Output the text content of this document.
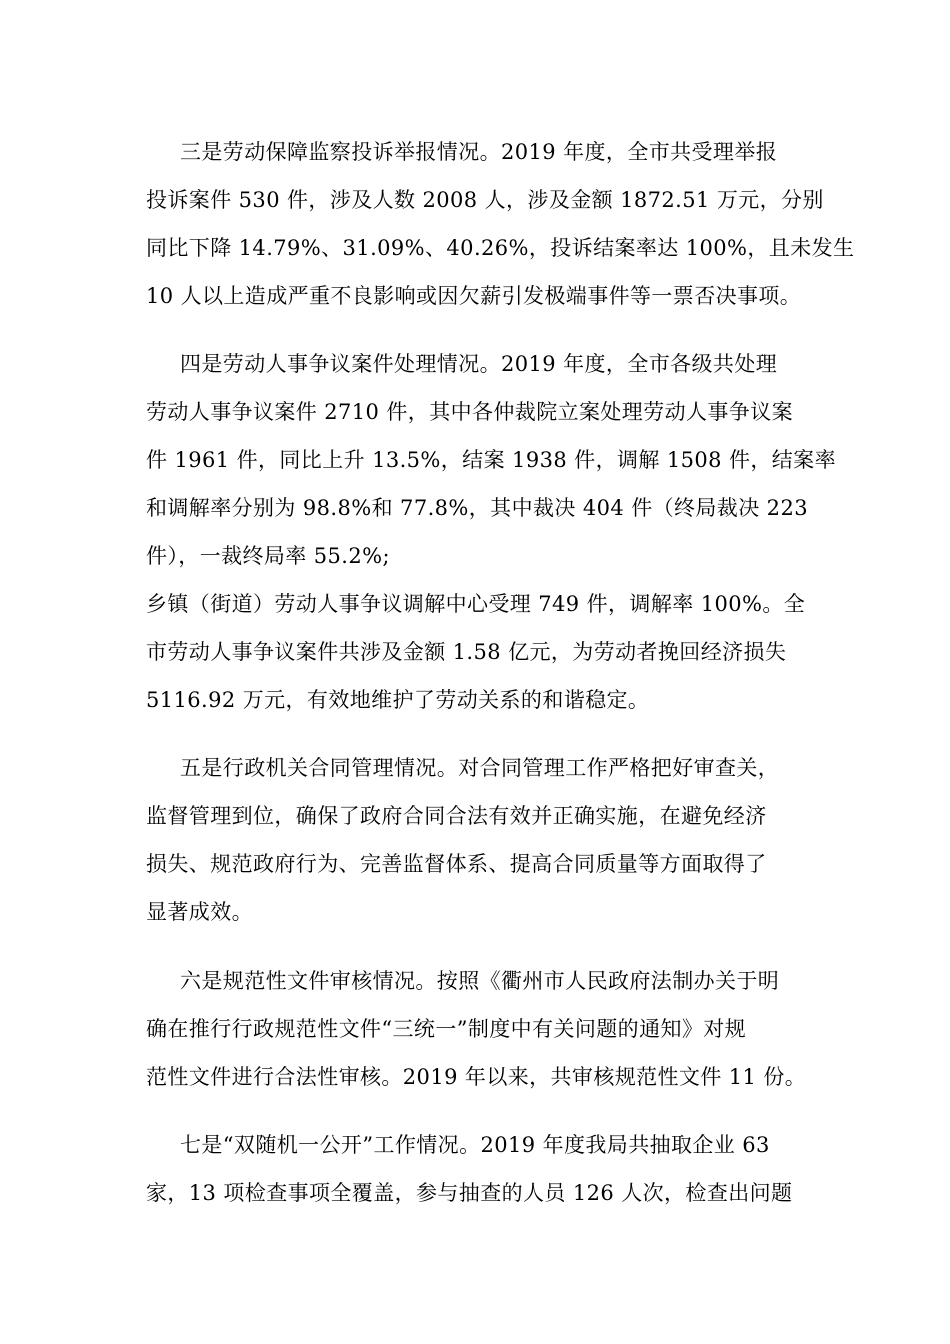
三是劳动保障监察投诉举报情况。2019 年度，全市共受理举报
投诉案件 530 件，涉及人数 2008 人，涉及金额 1872.51 万元，分别
同比下降 14.79%、31.09%、40.26%，投诉结案率达 100%，且未发生
10 人以上造成严重不良影响或因欠薪引发极端事件等一票否决事项。
四是劳动人事争议案件处理情况。2019 年度，全市各级共处理
劳动人事争议案件 2710 件，其中各仲裁院立案处理劳动人事争议案
件 1961 件，同比上升 13.5%，结案 1938 件，调解 1508 件，结案率
和调解率分别为 98.8%和 77.8%，其中裁决 404 件（终局裁决 223
件），一裁终局率 55.2%;
乡镇（街道）劳动人事争议调解中心受理 749 件，调解率 100%。全
市劳动人事争议案件共涉及金额 1.58 亿元，为劳动者挽回经济损失
5116.92 万元，有效地维护了劳动关系的和谐稳定。
五是行政机关合同管理情况。对合同管理工作严格把好审查关，
监督管理到位，确保了政府合同合法有效并正确实施，在避免经济
损失、规范政府行为、完善监督体系、提高合同质量等方面取得了
显著成效。
六是规范性文件审核情况。按照《衢州市人民政府法制办关于明
确在推行行政规范性文件“三统一”制度中有关问题的通知》对规
范性文件进行合法性审核。2019 年以来，共审核规范性文件 11 份。
七是“双随机一公开”工作情况。2019 年度我局共抽取企业 63
家，13 项检查事项全覆盖，参与抽查的人员 126 人次，检查出问题
